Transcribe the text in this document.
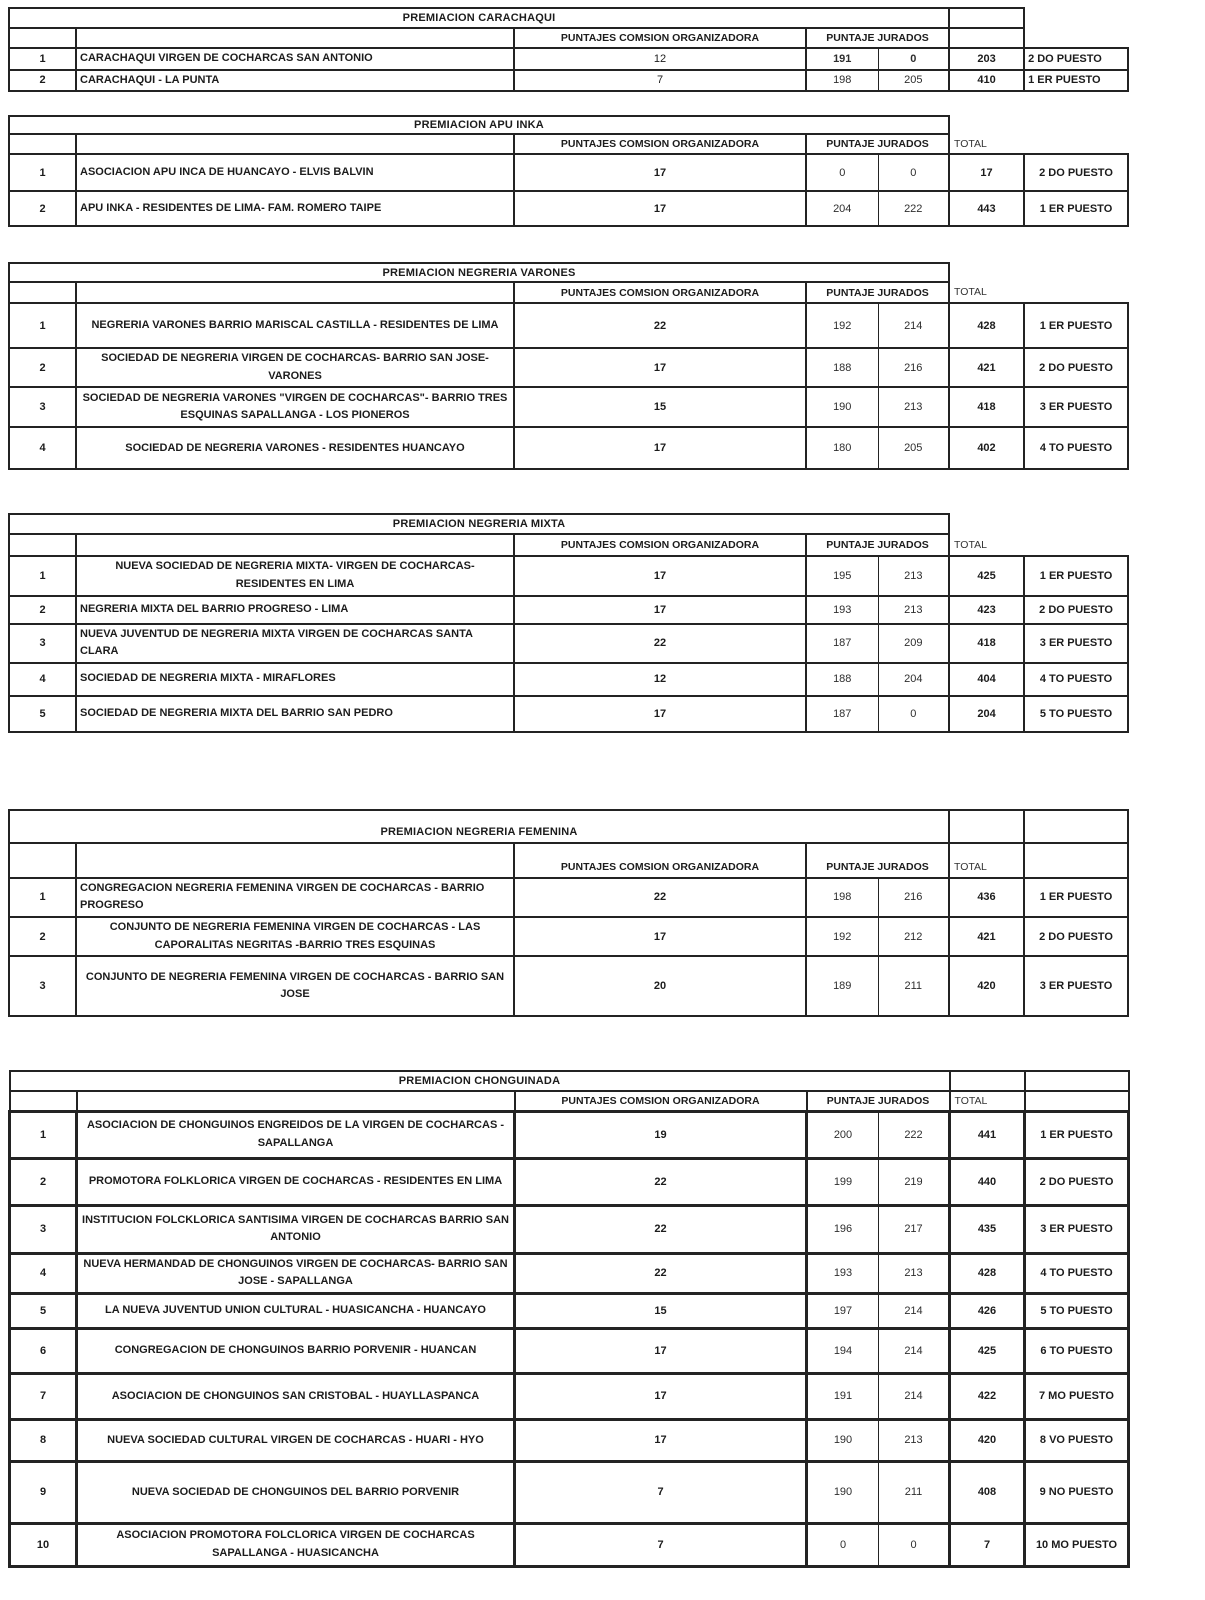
PREMIACION CARACHAQUI						
		PUNTAJES COMSION ORGANIZADORA	PUNTAJE JURADOS			
1	CARACHAQUI VIRGEN DE COCHARCAS SAN ANTONIO	12	191	0	203	2 DO PUESTO
2	CARACHAQUI - LA PUNTA	7	198	205	410	1 ER PUESTO
PREMIACION APU INKA						
		PUNTAJES COMSION ORGANIZADORA	PUNTAJE JURADOS		TOTAL	
1	ASOCIACION APU INCA DE HUANCAYO - ELVIS BALVIN	17	0	0	17	2 DO PUESTO
2	APU INKA - RESIDENTES DE LIMA- FAM. ROMERO TAIPE	17	204	222	443	1 ER PUESTO
PREMIACION NEGRERIA VARONES						
		PUNTAJES COMSION ORGANIZADORA	PUNTAJE JURADOS		TOTAL	
1	NEGRERIA VARONES BARRIO MARISCAL CASTILLA - RESIDENTES DE LIMA	22	192	214	428	1 ER PUESTO
2	SOCIEDAD DE NEGRERIA VIRGEN DE COCHARCAS- BARRIO SAN JOSE- VARONES	17	188	216	421	2 DO PUESTO
3	SOCIEDAD DE NEGRERIA VARONES "VIRGEN DE COCHARCAS"- BARRIO TRES ESQUINAS SAPALLANGA - LOS PIONEROS	15	190	213	418	3 ER PUESTO
4	SOCIEDAD DE NEGRERIA VARONES - RESIDENTES HUANCAYO	17	180	205	402	4 TO PUESTO
PREMIACION NEGRERIA MIXTA						
		PUNTAJES COMSION ORGANIZADORA	PUNTAJE JURADOS		TOTAL	
1	NUEVA SOCIEDAD DE NEGRERIA MIXTA- VIRGEN DE COCHARCAS- RESIDENTES EN LIMA	17	195	213	425	1 ER PUESTO
2	NEGRERIA MIXTA DEL BARRIO PROGRESO - LIMA	17	193	213	423	2 DO PUESTO
3	NUEVA JUVENTUD DE NEGRERIA MIXTA VIRGEN DE COCHARCAS SANTA CLARA	22	187	209	418	3 ER PUESTO
4	SOCIEDAD DE NEGRERIA MIXTA - MIRAFLORES	12	188	204	404	4 TO PUESTO
5	SOCIEDAD DE NEGRERIA MIXTA DEL BARRIO SAN PEDRO	17	187	0	204	5 TO PUESTO
PREMIACION NEGRERIA FEMENINA						
		PUNTAJES COMSION ORGANIZADORA	PUNTAJE JURADOS		TOTAL	
1	CONGREGACION NEGRERIA FEMENINA VIRGEN DE COCHARCAS - BARRIO PROGRESO	22	198	216	436	1 ER PUESTO
2	CONJUNTO DE NEGRERIA FEMENINA VIRGEN DE COCHARCAS - LAS CAPORALITAS NEGRITAS -BARRIO TRES ESQUINAS	17	192	212	421	2 DO PUESTO
3	CONJUNTO DE NEGRERIA FEMENINA VIRGEN DE COCHARCAS - BARRIO SAN JOSE	20	189	211	420	3 ER PUESTO
PREMIACION CHONGUINADA						
		PUNTAJES COMSION ORGANIZADORA	PUNTAJE JURADOS		TOTAL	
1	ASOCIACION DE CHONGUINOS ENGREIDOS DE LA VIRGEN DE COCHARCAS - SAPALLANGA	19	200	222	441	1 ER PUESTO
2	PROMOTORA FOLKLORICA VIRGEN DE COCHARCAS - RESIDENTES EN LIMA	22	199	219	440	2 DO PUESTO
3	INSTITUCION FOLCKLORICA SANTISIMA VIRGEN DE COCHARCAS BARRIO SAN ANTONIO	22	196	217	435	3 ER PUESTO
4	NUEVA HERMANDAD DE CHONGUINOS VIRGEN DE COCHARCAS- BARRIO SAN JOSE - SAPALLANGA	22	193	213	428	4 TO PUESTO
5	LA NUEVA JUVENTUD UNION CULTURAL - HUASICANCHA - HUANCAYO	15	197	214	426	5 TO PUESTO
6	CONGREGACION DE CHONGUINOS BARRIO PORVENIR - HUANCAN	17	194	214	425	6 TO PUESTO
7	ASOCIACION DE CHONGUINOS SAN CRISTOBAL - HUAYLLASPANCA	17	191	214	422	7 MO PUESTO
8	NUEVA SOCIEDAD CULTURAL VIRGEN DE COCHARCAS - HUARI - HYO	17	190	213	420	8 VO PUESTO
9	NUEVA SOCIEDAD DE CHONGUINOS DEL BARRIO PORVENIR	7	190	211	408	9 NO PUESTO
10	ASOCIACION PROMOTORA FOLCLORICA VIRGEN DE COCHARCAS SAPALLANGA - HUASICANCHA	7	0	0	7	10 MO PUESTO
